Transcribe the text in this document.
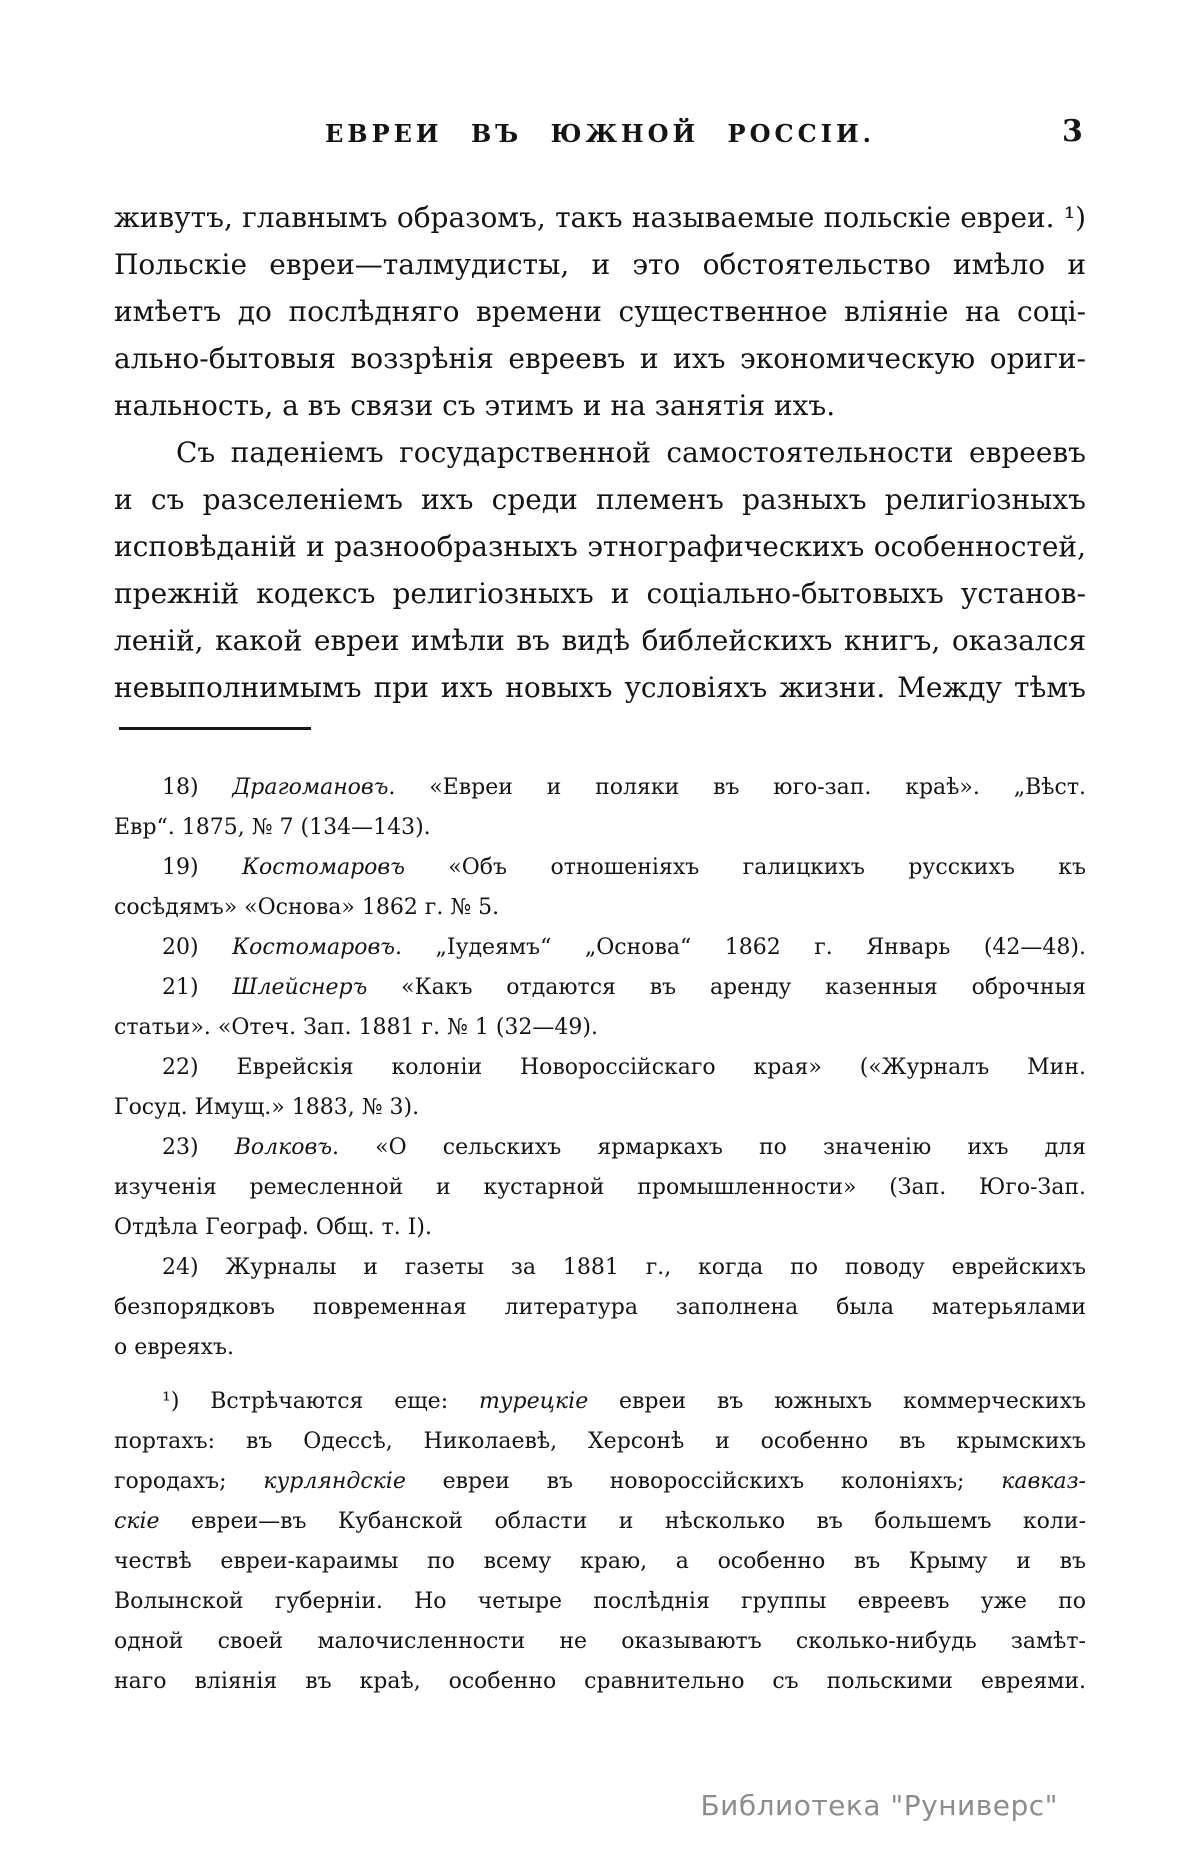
ЕВРЕИ ВЪ ЮЖНОЙ РОССІИ.	3
живутъ, главнымъ образомъ, такъ называемые польскіе евреи. ¹)
Польскіе евреи—талмудисты, и это обстоятельство имѣло и
имѣетъ до послѣдняго времени существенное вліяніе на соці-
ально-бытовыя воззрѣнія евреевъ и ихъ экономическую ориги-
нальность, а въ связи съ этимъ и на занятія ихъ.
Съ паденіемъ государственной самостоятельности евреевъ
и съ разселеніемъ ихъ среди племенъ разныхъ религіозныхъ
исповѣданій и разнообразныхъ этнографическихъ особенностей,
прежній кодексъ религіозныхъ и соціально-бытовыхъ установ-
леній, какой евреи имѣли въ видѣ библейскихъ книгъ, оказался
невыполнимымъ при ихъ новыхъ условіяхъ жизни. Между тѣмъ
18) Драгомановъ. «Евреи и поляки въ юго-зап. краѣ». „Вѣст.
Евр“. 1875, № 7 (134—143).
19) Костомаровъ «Объ отношеніяхъ галицкихъ русскихъ къ
сосѣдямъ» «Основа» 1862 г. № 5.
20) Костомаровъ. „Іудеямъ“ „Основа“ 1862 г. Январь (42—48).
21) Шлейснеръ «Какъ отдаются въ аренду казенныя оброчныя
статьи». «Отеч. Зап. 1881 г. № 1 (32—49).
22) Еврейскія колоніи Новороссійскаго края» («Журналъ Мин.
Госуд. Имущ.» 1883, № 3).
23) Волковъ. «О сельскихъ ярмаркахъ по значенію ихъ для
изученія ремесленной и кустарной промышленности» (Зап. Юго-Зап.
Отдѣла Географ. Общ. т. I).
24) Журналы и газеты за 1881 г., когда по поводу еврейскихъ
безпорядковъ повременная литература заполнена была матерьялами
о евреяхъ.
¹) Встрѣчаются еще: турецкіе евреи въ южныхъ коммерческихъ
портахъ: въ Одессѣ, Николаевѣ, Херсонѣ и особенно въ крымскихъ
городахъ; курляндскіе евреи въ новороссійскихъ колоніяхъ; кавказ-
скіе евреи—въ Кубанской области и нѣсколько въ большемъ коли-
чествѣ евреи-караимы по всему краю, а особенно въ Крыму и въ
Волынской губерніи. Но четыре послѣднія группы евреевъ уже по
одной своей малочисленности не оказываютъ сколько-нибудь замѣт-
наго вліянія въ краѣ, особенно сравнительно съ польскими евреями.
Библиотека "Руниверс"
